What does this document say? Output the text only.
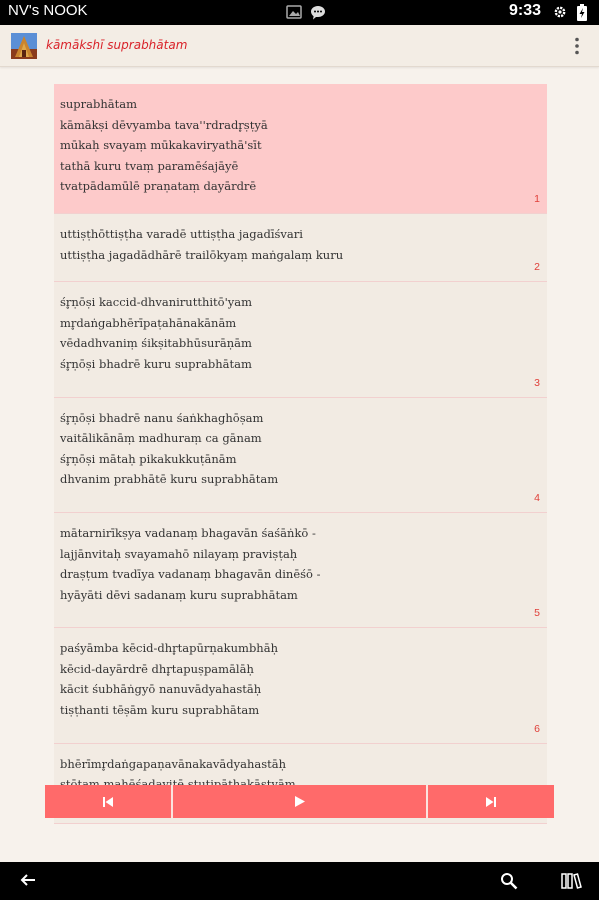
NV's NOOK	9:33
kāmākshī suprabhātam
suprabhātam
kāmākṣi dēvyamba tava''rdradr̥ṣṭyā
mūkaḥ svayaṃ mūkakaviryathā'sīt
tathā kuru tvaṃ paramēśajāyē
tvatpādamūlē praṇataṃ dayārdrē
1
uttiṣṭhōttiṣṭha varadē uttiṣṭha jagadīśvari
uttiṣṭha jagadādhārē trailōkyaṃ maṅgalaṃ kuru
2
śr̥ṇōṣi kaccid-dhvanirutthitō'yam
mr̥daṅgabhērīpaṭahānakānām
vēdadhvaniṃ śikṣitabhūsurāṇām
śr̥ṇōṣi bhadrē kuru suprabhātam
3
śr̥ṇōṣi bhadrē nanu śaṅkhaghōṣam
vaitālikānāṃ madhuraṃ ca gānam
śr̥ṇōṣi mātaḥ pikakukkuṭānām
dhvanim prabhātē kuru suprabhātam
4
mātarnirīkṣya vadanaṃ bhagavān śaśāṅkō -
lajjānvitaḥ svayamahō nilayaṃ praviṣṭaḥ
draṣṭum tvadīya vadanaṃ bhagavān dinēśō -
hyāyāti dēvi sadanaṃ kuru suprabhātam
5
paśyāmba kēcid-dhr̥tapūrṇakumbhāḥ
kēcid-dayārdrē dhr̥tapuṣpamālāḥ
kācit śubhāṅgyō nanuvādyahastāḥ
tiṣṭhanti tēṣām kuru suprabhātam
6
bhērīmr̥daṅgapaṇavānakavādyahastāḥ
